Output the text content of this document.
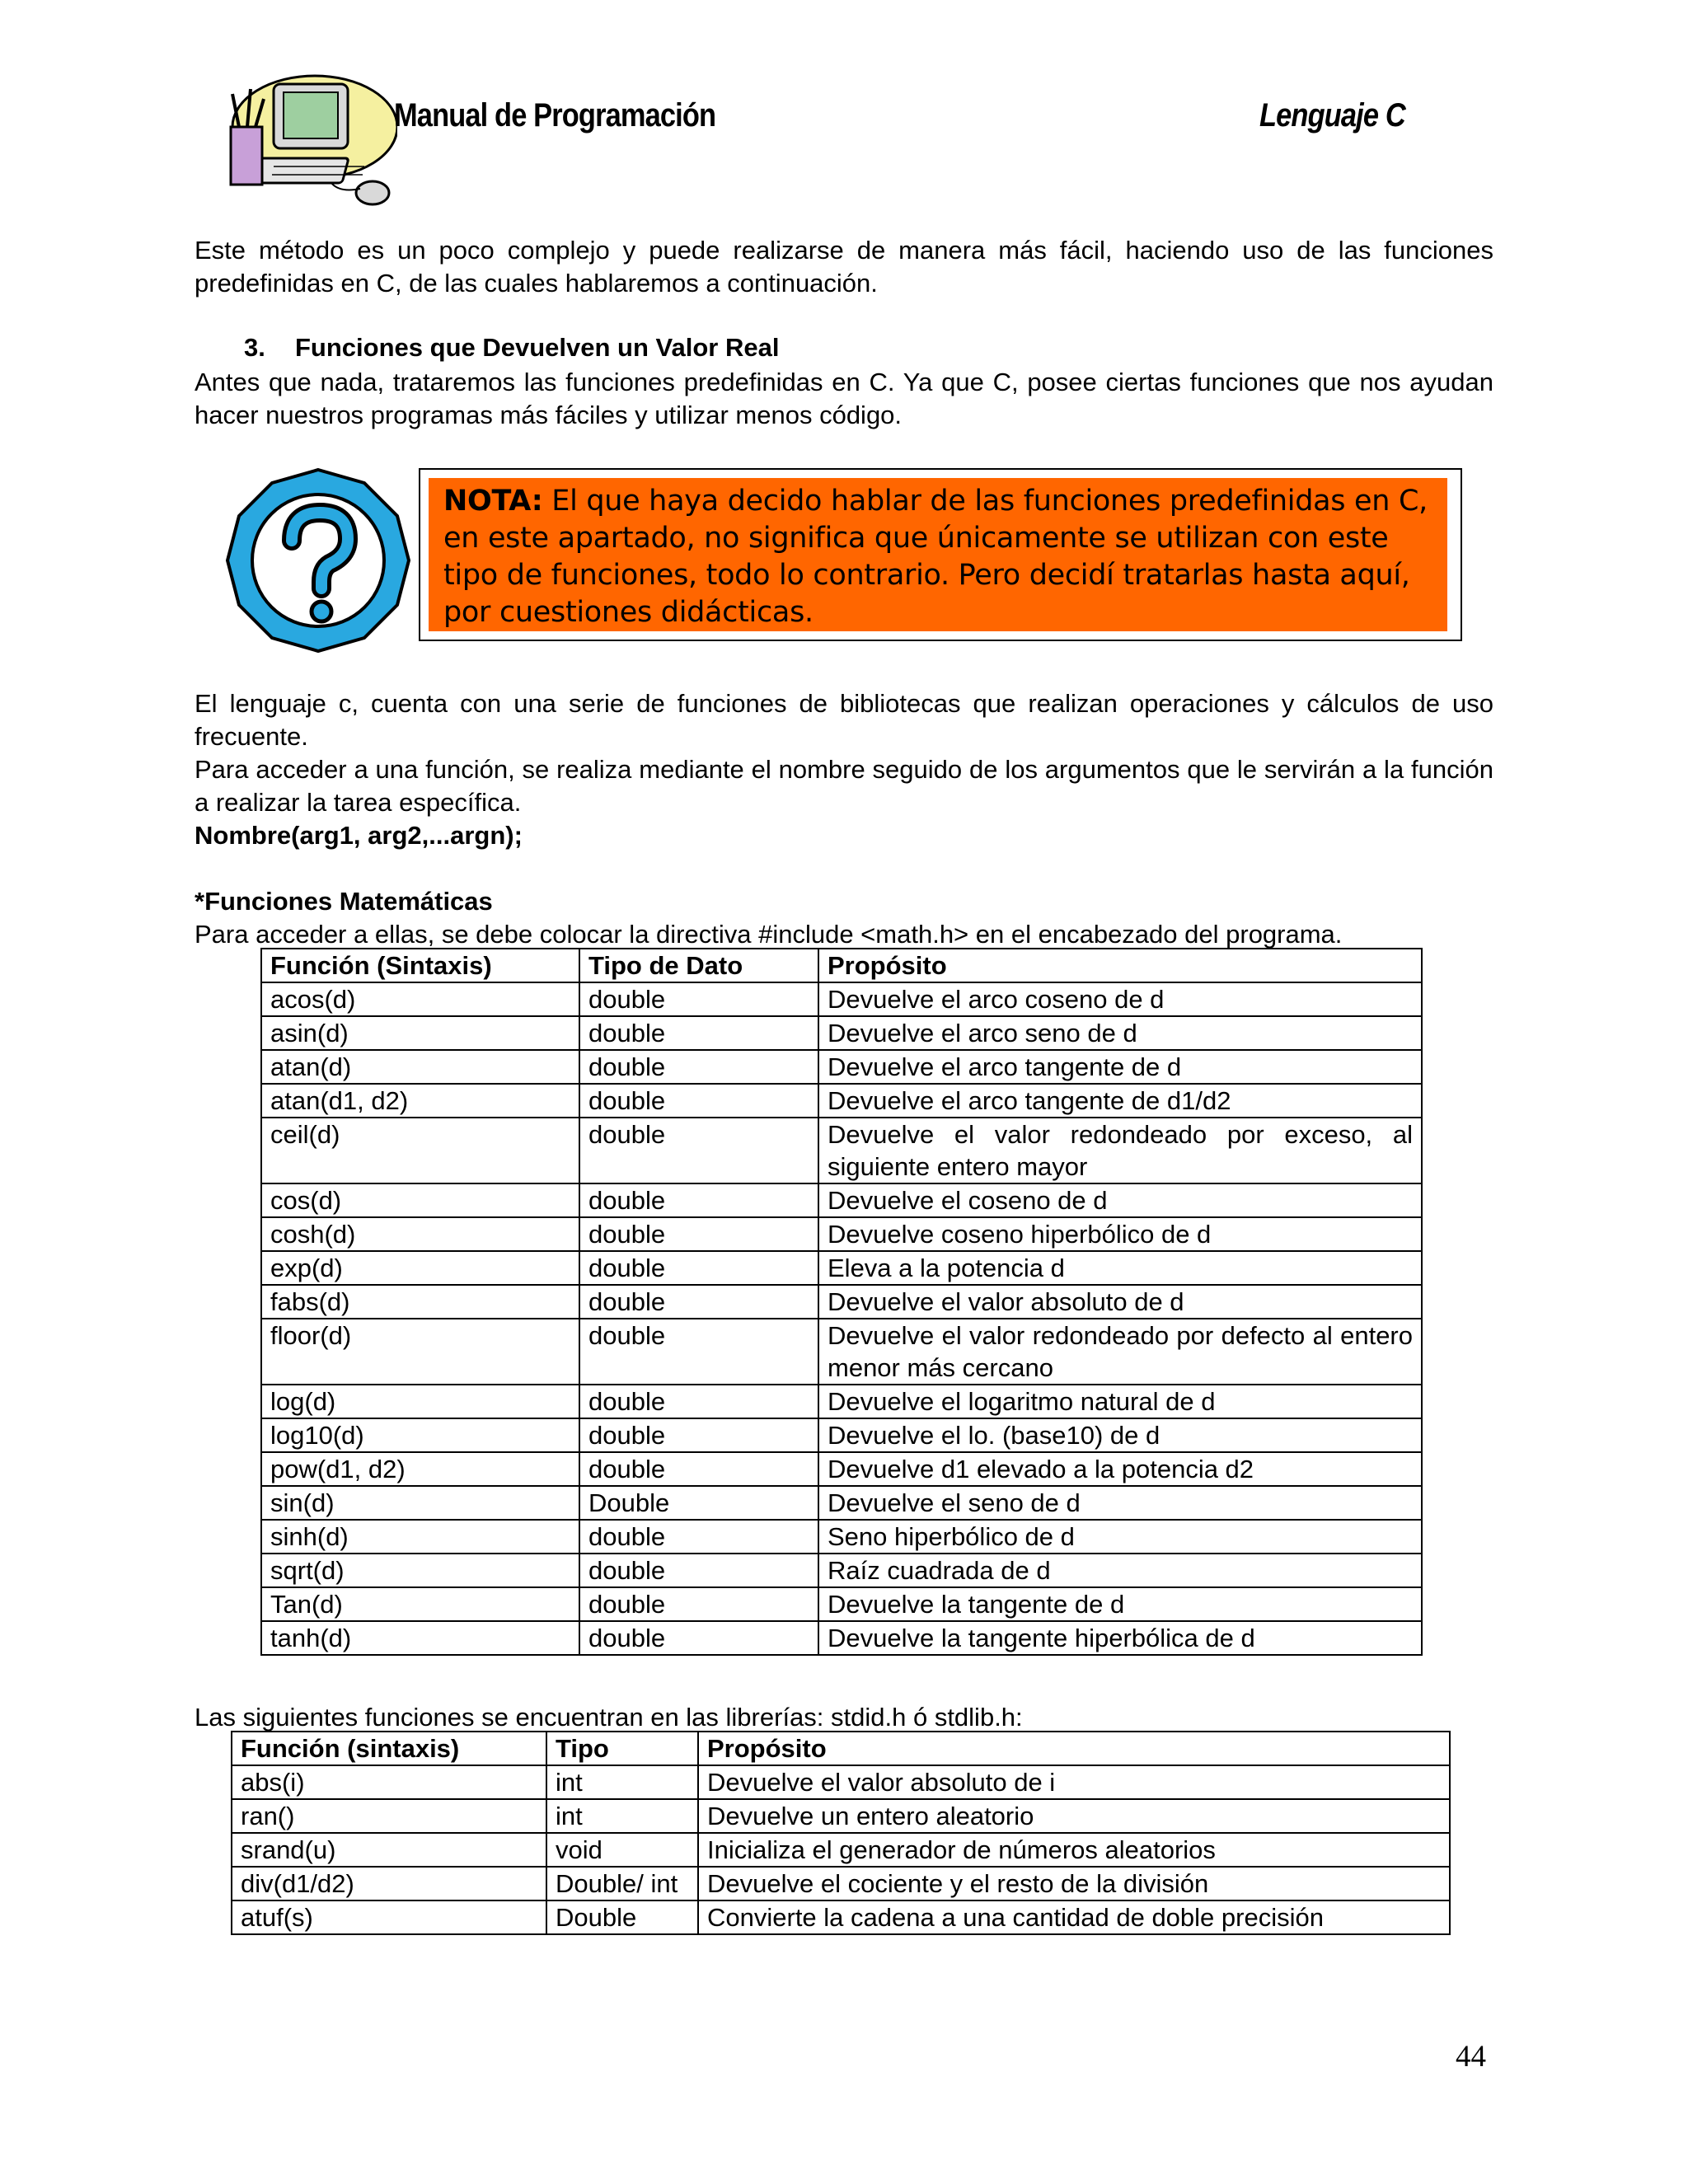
Manual de Programación	Lenguaje C
Este método es un poco complejo y puede realizarse de manera más fácil, haciendo uso de las funciones predefinidas en C, de las cuales hablaremos a continuación.
3. Funciones que Devuelven un Valor Real
Antes que nada, trataremos las funciones predefinidas en C. Ya que C, posee ciertas funciones que nos ayudan hacer nuestros programas más fáciles y utilizar menos código.
NOTA: El que haya decido hablar de las funciones predefinidas en C, en este apartado, no significa que únicamente se utilizan con este tipo de funciones, todo lo contrario. Pero decidí tratarlas hasta aquí, por cuestiones didácticas.
El lenguaje c, cuenta con una serie de funciones de bibliotecas que realizan operaciones y cálculos de uso frecuente.
Para acceder a una función, se realiza mediante el nombre seguido de los argumentos que le servirán a la función a realizar la tarea específica.
Nombre(arg1, arg2,...argn);
*Funciones Matemáticas
Para acceder a ellas, se debe colocar la directiva #include <math.h> en el encabezado del programa.
Función (Sintaxis)	Tipo de Dato	Propósito
acos(d)	double	Devuelve el arco coseno de d
asin(d)	double	Devuelve el arco seno de d
atan(d)	double	Devuelve el arco tangente de d
atan(d1, d2)	double	Devuelve el arco tangente de d1/d2
ceil(d)	double	Devuelve el valor redondeado por exceso, al siguiente entero mayor
cos(d)	double	Devuelve el coseno de d
cosh(d)	double	Devuelve coseno hiperbólico de d
exp(d)	double	Eleva a la potencia d
fabs(d)	double	Devuelve el valor absoluto de d
floor(d)	double	Devuelve el valor redondeado por defecto al entero menor más cercano
log(d)	double	Devuelve el logaritmo natural de d
log10(d)	double	Devuelve el lo. (base10) de d
pow(d1, d2)	double	Devuelve d1 elevado a la potencia d2
sin(d)	Double	Devuelve el seno de d
sinh(d)	double	Seno hiperbólico de d
sqrt(d)	double	Raíz cuadrada de d
Tan(d)	double	Devuelve la tangente de d
tanh(d)	double	Devuelve la tangente hiperbólica de d
Las siguientes funciones se encuentran en las librerías: stdid.h ó stdlib.h:
Función (sintaxis)	Tipo	Propósito
abs(i)	int	Devuelve el valor absoluto de i
ran()	int	Devuelve un entero aleatorio
srand(u)	void	Inicializa el generador de números aleatorios
div(d1/d2)	Double/ int	Devuelve el cociente y el resto de la división
atuf(s)	Double	Convierte la cadena a una cantidad de doble precisión
44
